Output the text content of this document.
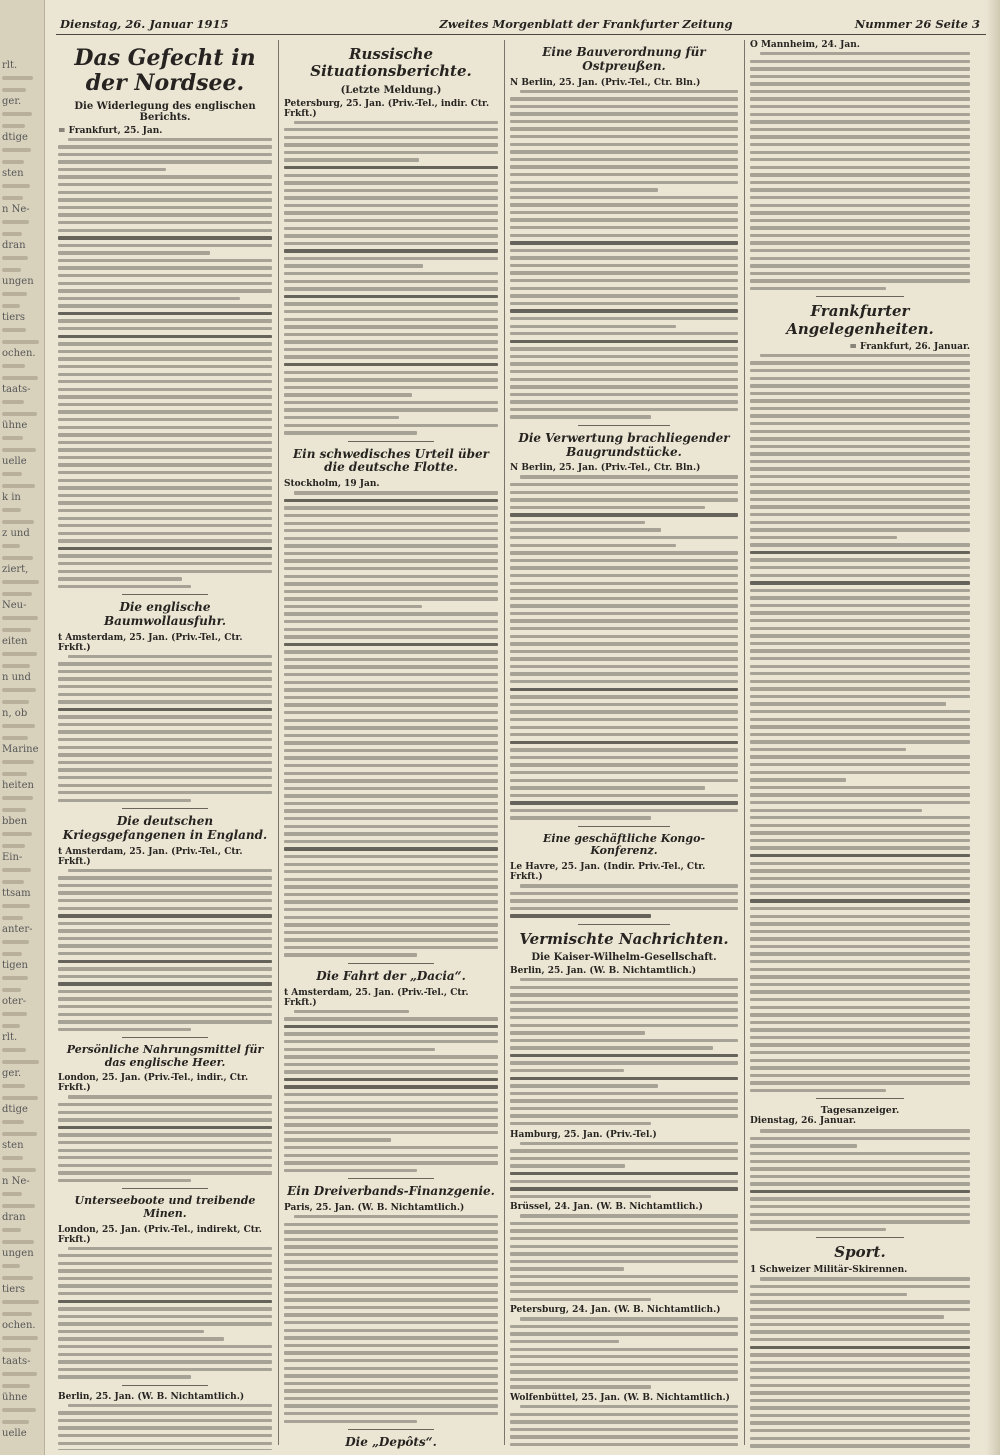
rlt.
ger.
dtige
sten
n Ne-
dran
ungen
tiers
ochen.
taats-
ühne
uelle
k in
z und
ziert,
Neu-
eiten
n und
n, ob
Marine
heiten
bben
Ein-
ttsam
anter-
tigen
oter-
rlt.
ger.
dtige
sten
n Ne-
dran
ungen
tiers
ochen.
taats-
ühne
uelle
Dienstag, 26. Januar 1915	Zweites Morgenblatt der Frankfurter Zeitung	Nummer 26 Seite 3
Das Gefecht in der Nordsee.
Die Widerlegung des englischen Berichts.
= Frankfurt, 25. Jan.
Die englische Baumwollausfuhr.
t Amsterdam, 25. Jan. (Priv.-Tel., Ctr. Frkft.)
Die deutschen Kriegsgefangenen in England.
t Amsterdam, 25. Jan. (Priv.-Tel., Ctr. Frkft.)
Persönliche Nahrungsmittel für das englische Heer.
London, 25. Jan. (Priv.-Tel., indir., Ctr. Frkft.)
Unterseeboote und treibende Minen.
London, 25. Jan. (Priv.-Tel., indirekt, Ctr. Frkft.)
Berlin, 25. Jan. (W. B. Nichtamtlich.)
Russische Situationsberichte.
(Letzte Meldung.)
Petersburg, 25. Jan. (Priv.-Tel., indir. Ctr. Frkft.)
Ein schwedisches Urteil über die deutsche Flotte.
Stockholm, 19 Jan.
Die Fahrt der „Dacia“.
t Amsterdam, 25. Jan. (Priv.-Tel., Ctr. Frkft.)
Ein Dreiverbands-Finanzgenie.
Paris, 25. Jan. (W. B. Nichtamtlich.)
Die „Depôts“.
Eine Bauverordnung für Ostpreußen.
N Berlin, 25. Jan. (Priv.-Tel., Ctr. Bln.)
Die Verwertung brachliegender Baugrundstücke.
N Berlin, 25. Jan. (Priv.-Tel., Ctr. Bln.)
Eine geschäftliche Kongo-Konferenz.
Le Havre, 25. Jan. (Indir. Priv.-Tel., Ctr. Frkft.)
Vermischte Nachrichten.
Die Kaiser-Wilhelm-Gesellschaft.
Berlin, 25. Jan. (W. B. Nichtamtlich.)
Hamburg, 25. Jan. (Priv.-Tel.)
Brüssel, 24. Jan. (W. B. Nichtamtlich.)
Petersburg, 24. Jan. (W. B. Nichtamtlich.)
Wolfenbüttel, 25. Jan. (W. B. Nichtamtlich.)
O Mannheim, 24. Jan.
Frankfurter Angelegenheiten.
= Frankfurt, 26. Januar.
Tagesanzeiger.
Dienstag, 26. Januar.
Sport.
1 Schweizer Militär-Skirennen.
